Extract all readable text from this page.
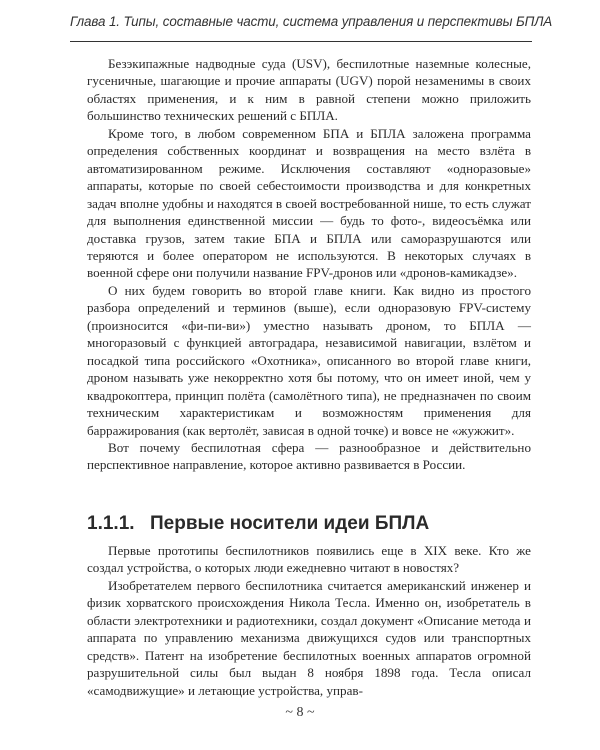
Глава 1. Типы, составные части, система управления и перспективы БПЛА

Безэкипажные надводные суда (USV), беспилотные наземные колесные, гусеничные, шагающие и прочие аппараты (UGV) порой незаменимы в своих областях применения, и к ним в равной степени можно приложить большинство технических решений с БПЛА.

Кроме того, в любом современном БПА и БПЛА заложена программа определения собственных координат и возвращения на место взлёта в автоматизированном режиме. Исключения составляют «одноразовые» аппараты, которые по своей себестоимости производства и для конкретных задач вполне удобны и находятся в своей востребованной нише, то есть служат для выполнения единственной миссии — будь то фото-, видеосъёмка или доставка грузов, затем такие БПА и БПЛА или саморазрушаются или теряются и более оператором не используются. В некоторых случаях в военной сфере они получили название FPV-дронов или «дронов-камикадзе».

О них будем говорить во второй главе книги. Как видно из простого разбора определений и терминов (выше), если одноразовую FPV-систему (произносится «фи-пи-ви») уместно называть дроном, то БПЛА — многоразовый с функцией автоградара, независимой навигации, взлётом и посадкой типа российского «Охотника», описанного во второй главе книги, дроном называть уже некорректно хотя бы потому, что он имеет иной, чем у квадрокоптера, принцип полёта (самолётного типа), не предназначен по своим техническим характеристикам и возможностям применения для барражирования (как вертолёт, зависая в одной точке) и вовсе не «жужжит».

Вот почему беспилотная сфера — разнообразное и действительно перспективное направление, которое активно развивается в России.

1.1.1. Первые носители идеи БПЛА

Первые прототипы беспилотников появились еще в XIX веке. Кто же создал устройства, о которых люди ежедневно читают в новостях?

Изобретателем первого беспилотника считается американский инженер и физик хорватского происхождения Никола Тесла. Именно он, изобретатель в области электротехники и радиотехники, создал документ «Описание метода и аппарата по управлению механизма движущихся судов или транспортных средств». Патент на изобретение беспилотных военных аппаратов огромной разрушительной силы был выдан 8 ноября 1898 года. Тесла описал «самодвижущие» и летающие устройства, управ-

~ 8 ~
